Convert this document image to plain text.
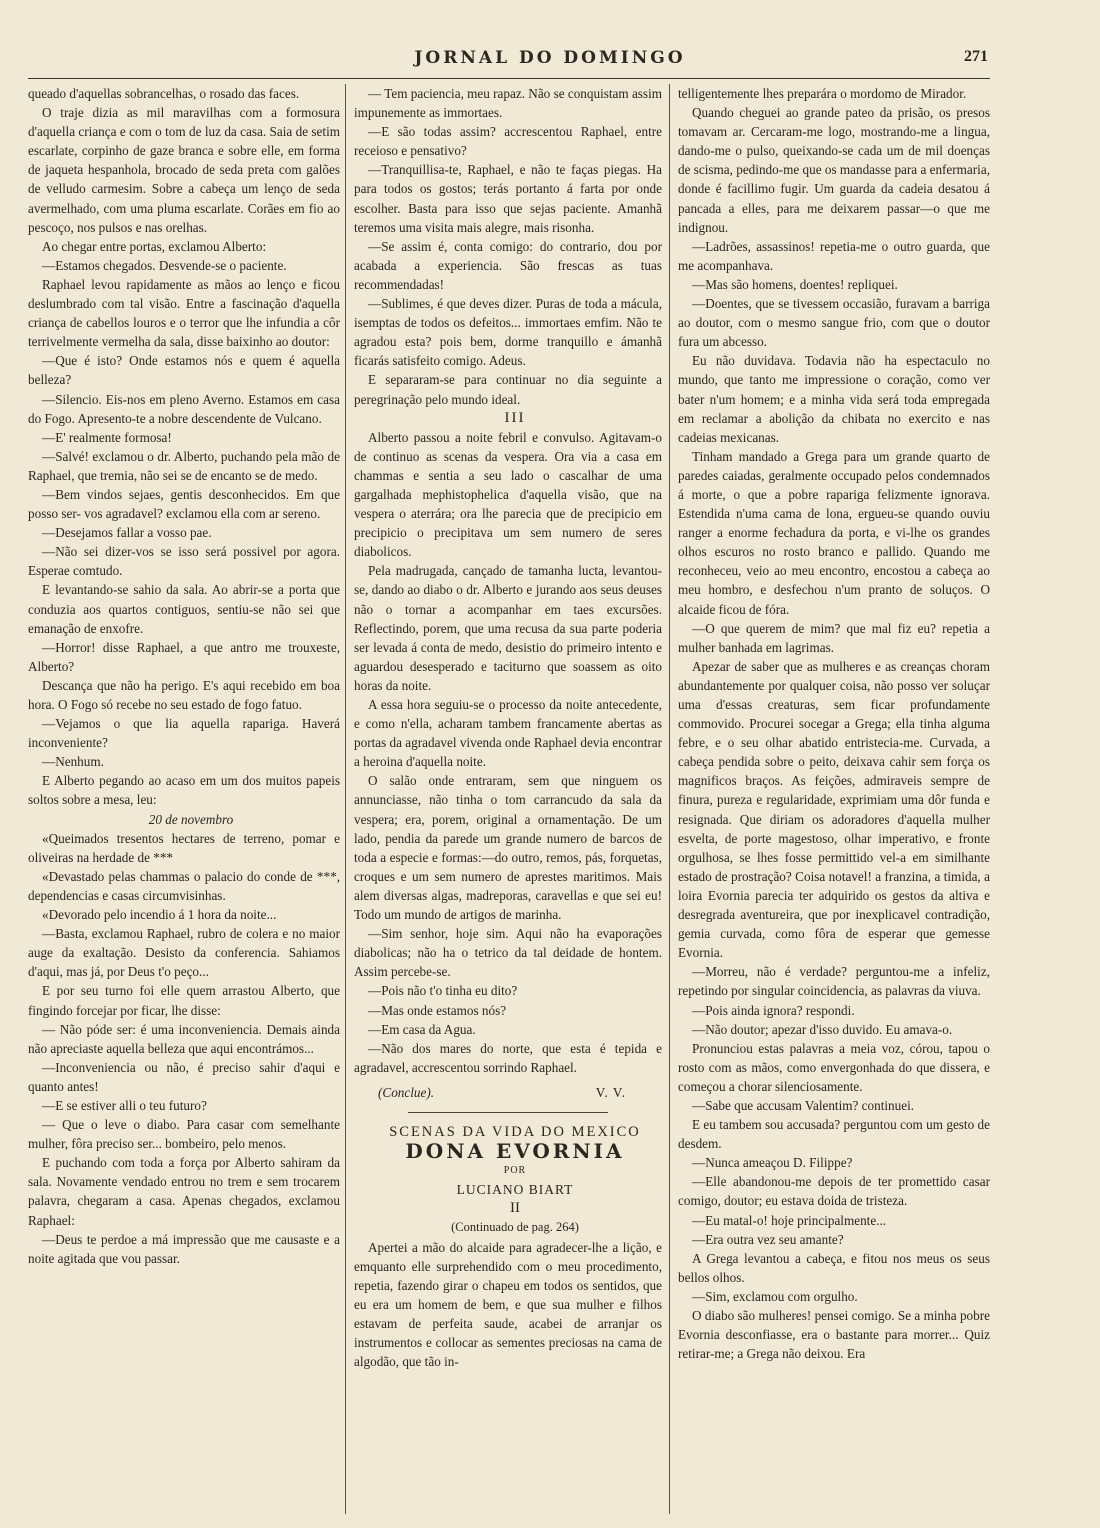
JORNAL DO DOMINGO	271

queado d'aquellas sobrancelhas, o rosado das faces.

O traje dizia as mil maravilhas com a formosura d'aquella criança e com o tom de luz da casa. Saia de setim escarlate, corpinho de gaze branca e sobre elle, em forma de jaqueta hespanhola, brocado de seda preta com galões de velludo carmesim. Sobre a cabeça um lenço de seda avermelhado, com uma pluma escarlate. Corães em fio ao pescoço, nos pulsos e nas orelhas.

Ao chegar entre portas, exclamou Alberto:

—Estamos chegados. Desvende-se o paciente.

Raphael levou rapidamente as mãos ao lenço e ficou deslumbrado com tal visão. Entre a fascinação d'aquella criança de cabellos louros e o terror que lhe infundia a côr terrivelmente vermelha da sala, disse baixinho ao doutor:

—Que é isto? Onde estamos nós e quem é aquella belleza?

—Silencio. Eis-nos em pleno Averno. Estamos em casa do Fogo. Apresento-te a nobre descendente de Vulcano.

—E' realmente formosa!

—Salvé! exclamou o dr. Alberto, puchando pela mão de Raphael, que tremia, não sei se de encanto se de medo.

—Bem vindos sejaes, gentis desconhecidos. Em que posso ser- vos agradavel? exclamou ella com ar sereno.

—Desejamos fallar a vosso pae.

—Não sei dizer-vos se isso será possivel por agora. Esperae comtudo.

E levantando-se sahio da sala. Ao abrir-se a porta que conduzia aos quartos contiguos, sentiu-se não sei que emanação de enxofre.

—Horror! disse Raphael, a que antro me trouxeste, Alberto?

Descança que não ha perigo. E's aqui recebido em boa hora. O Fogo só recebe no seu estado de fogo fatuo.

—Vejamos o que lia aquella rapariga. Haverá inconveniente?

—Nenhum.

E Alberto pegando ao acaso em um dos muitos papeis soltos sobre a mesa, leu:

20 de novembro

«Queimados tresentos hectares de terreno, pomar e oliveiras na herdade de ***

«Devastado pelas chammas o palacio do conde de ***, dependencias e casas circumvisinhas.

«Devorado pelo incendio á 1 hora da noite...

—Basta, exclamou Raphael, rubro de colera e no maior auge da exaltação. Desisto da conferencia. Sahiamos d'aqui, mas já, por Deus t'o peço...

E por seu turno foi elle quem arrastou Alberto, que fingindo forcejar por ficar, lhe disse:

— Não póde ser: é uma inconveniencia. Demais ainda não apreciaste aquella belleza que aqui encontrámos...

—Inconveniencia ou não, é preciso sahir d'aqui e quanto antes!

—E se estiver alli o teu futuro?

— Que o leve o diabo. Para casar com semelhante mulher, fôra preciso ser... bombeiro, pelo menos.

E puchando com toda a força por Alberto sahiram da sala. Novamente vendado entrou no trem e sem trocarem palavra, chegaram a casa. Apenas chegados, exclamou Raphael:

—Deus te perdoe a má impressão que me causaste e a noite agitada que vou passar.

— Tem paciencia, meu rapaz. Não se conquistam assim impunemente as immortaes.

—E são todas assim? accrescentou Raphael, entre receioso e pensativo?

—Tranquillisa-te, Raphael, e não te faças piegas. Ha para todos os gostos; terás portanto á farta por onde escolher. Basta para isso que sejas paciente. Amanhã teremos uma visita mais alegre, mais risonha.

—Se assim é, conta comigo: do contrario, dou por acabada a experiencia. São frescas as tuas recommendadas!

—Sublimes, é que deves dizer. Puras de toda a mácula, isemptas de todos os defeitos... immortaes emfim. Não te agradou esta? pois bem, dorme tranquillo e ámanhã ficarás satisfeito comigo. Adeus.

E separaram-se para continuar no dia seguinte a peregrinação pelo mundo ideal.

III

Alberto passou a noite febril e convulso. Agitavam-o de continuo as scenas da vespera. Ora via a casa em chammas e sentia a seu lado o cascalhar de uma gargalhada mephistophelica d'aquella visão, que na vespera o aterrára; ora lhe parecia que de precipicio em precipicio o precipitava um sem numero de seres diabolicos.

Pela madrugada, cançado de tamanha lucta, levantou-se, dando ao diabo o dr. Alberto e jurando aos seus deuses não o tornar a acompanhar em taes excursões. Reflectindo, porem, que uma recusa da sua parte poderia ser levada á conta de medo, desistio do primeiro intento e aguardou desesperado e taciturno que soassem as oito horas da noite.

A essa hora seguiu-se o processo da noite antecedente, e como n'ella, acharam tambem francamente abertas as portas da agradavel vivenda onde Raphael devia encontrar a heroina d'aquella noite.

O salão onde entraram, sem que ninguem os annunciasse, não tinha o tom carrancudo da sala da vespera; era, porem, original a ornamentação. De um lado, pendia da parede um grande numero de barcos de toda a especie e formas:—do outro, remos, pás, forquetas, croques e um sem numero de aprestes maritimos. Mais alem diversas algas, madreporas, caravellas e que sei eu! Todo um mundo de artigos de marinha.

—Sim senhor, hoje sim. Aqui não ha evaporações diabolicas; não ha o tetrico da tal deidade de hontem. Assim percebe-se.

—Pois não t'o tinha eu dito?

—Mas onde estamos nós?

—Em casa da Agua.

—Não dos mares do norte, que esta é tepida e agradavel, accrescentou sorrindo Raphael.

(Conclue).	V. V.

SCENAS DA VIDA DO MEXICO

DONA EVORNIA

POR

LUCIANO BIART

II

(Continuado de pag. 264)

Apertei a mão do alcaide para agradecer-lhe a lição, e emquanto elle surprehendido com o meu procedimento, repetia, fazendo girar o chapeu em todos os sentidos, que eu era um homem de bem, e que sua mulher e filhos estavam de perfeita saude, acabei de arranjar os instrumentos e collocar as sementes preciosas na cama de algodão, que tão in-

telligentemente lhes preparára o mordomo de Mirador.

Quando cheguei ao grande pateo da prisão, os presos tomavam ar. Cercaram-me logo, mostrando-me a lingua, dando-me o pulso, queixando-se cada um de mil doenças de scisma, pedindo-me que os mandasse para a enfermaria, donde é facillimo fugir. Um guarda da cadeia desatou á pancada a elles, para me deixarem passar—o que me indignou.

—Ladrões, assassinos! repetia-me o outro guarda, que me acompanhava.

—Mas são homens, doentes! repliquei.

—Doentes, que se tivessem occasião, furavam a barriga ao doutor, com o mesmo sangue frio, com que o doutor fura um abcesso.

Eu não duvidava. Todavia não ha espectaculo no mundo, que tanto me impressione o coração, como ver bater n'um homem; e a minha vida será toda empregada em reclamar a abolição da chibata no exercito e nas cadeias mexicanas.

Tinham mandado a Grega para um grande quarto de paredes caiadas, geralmente occupado pelos condemnados á morte, o que a pobre rapariga felizmente ignorava. Estendida n'uma cama de lona, ergueu-se quando ouviu ranger a enorme fechadura da porta, e vi-lhe os grandes olhos escuros no rosto branco e pallido. Quando me reconheceu, veio ao meu encontro, encostou a cabeça ao meu hombro, e desfechou n'um pranto de soluços. O alcaide ficou de fóra.

—O que querem de mim? que mal fiz eu? repetia a mulher banhada em lagrimas.

Apezar de saber que as mulheres e as creanças choram abundantemente por qualquer coisa, não posso ver soluçar uma d'essas creaturas, sem ficar profundamente commovido. Procurei socegar a Grega; ella tinha alguma febre, e o seu olhar abatido entristecia-me. Curvada, a cabeça pendida sobre o peito, deixava cahir sem força os magnificos braços. As feições, admiraveis sempre de finura, pureza e regularidade, exprimiam uma dôr funda e resignada. Que diriam os adoradores d'aquella mulher esvelta, de porte magestoso, olhar imperativo, e fronte orgulhosa, se lhes fosse permittido vel-a em similhante estado de prostração? Coisa notavel! a franzina, a timida, a loira Evornia parecia ter adquirido os gestos da altiva e desregrada aventureira, que por inexplicavel contradição, gemia curvada, como fôra de esperar que gemesse Evornia.

—Morreu, não é verdade? perguntou-me a infeliz, repetindo por singular coincidencia, as palavras da viuva.

—Pois ainda ignora? respondi.

—Não doutor; apezar d'isso duvido. Eu amava-o.

Pronunciou estas palavras a meia voz, córou, tapou o rosto com as mãos, como envergonhada do que dissera, e começou a chorar silenciosamente.

—Sabe que accusam Valentim? continuei.

E eu tambem sou accusada? perguntou com um gesto de desdem.

—Nunca ameaçou D. Filippe?

—Elle abandonou-me depois de ter promettido casar comigo, doutor; eu estava doida de tristeza.

—Eu matal-o! hoje principalmente...

—Era outra vez seu amante?

A Grega levantou a cabeça, e fitou nos meus os seus bellos olhos.

—Sim, exclamou com orgulho.

O diabo são mulheres! pensei comigo. Se a minha pobre Evornia desconfiasse, era o bastante para morrer... Quiz retirar-me; a Grega não deixou. Era
